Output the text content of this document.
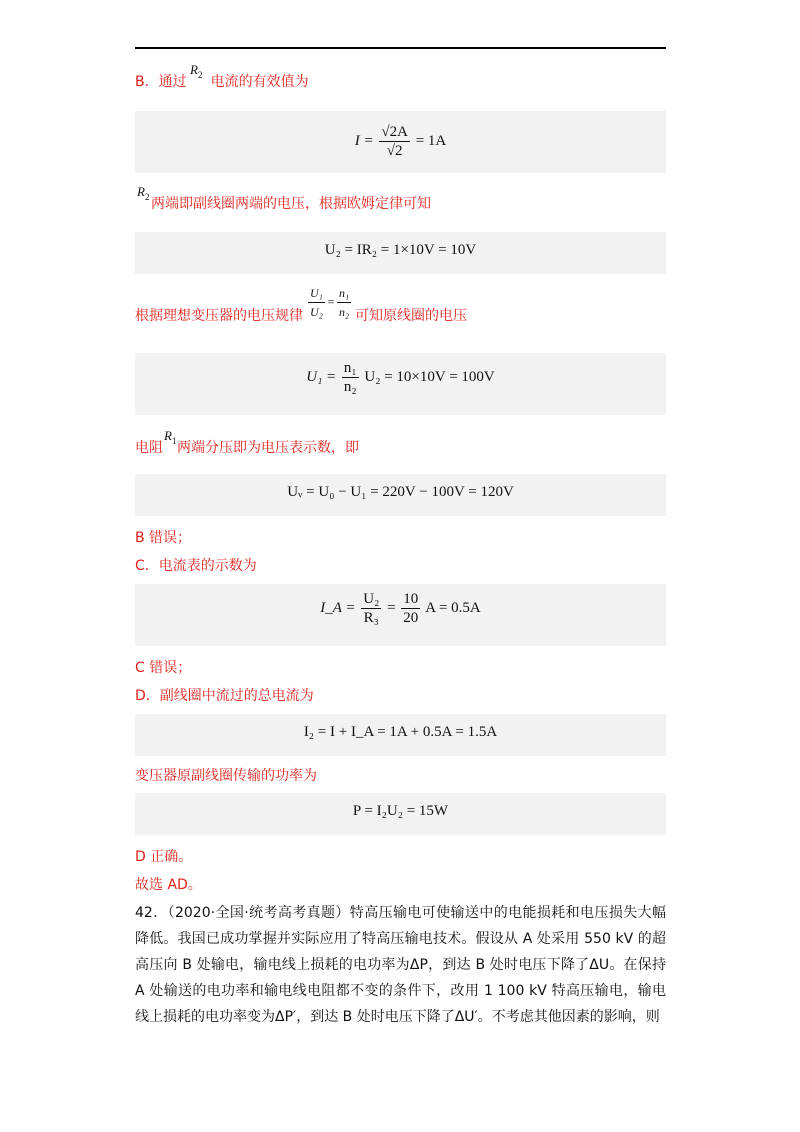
B．通过 电流的有效值为
$R_2$
$I = \frac{√2A}{√2} = 1A$
$R_2$ 两端即副线圈两端的电压，根据欧姆定律可知
U₂ = IR₂ = 1×10V = 10V
根据理想变压器的电压规律	可知原线圈的电压
$\frac{\text{U₁}}{\text{U₂}} = \frac{\text{n₁}}{\text{n₂}}$
$U_1 = \frac{\text{n₁}}{\text{n₂}} U_2 = 10\times 10V = 100V$
电阻 两端分压即为电压表示数，即
$R_1$
Uᵥ = U₀ − U₁ = 220V − 100V = 120V
B 错误；
C．电流表的示数为
I_A = $\frac{\text{U₂}}{\text{R₃}} = \frac{10}{20}$ A = 0.5A
C 错误；
D．副线圈中流过的总电流为
I₂ = I + I_A = 1A + 0.5A = 1.5A
变压器原副线圈传输的功率为
P = I₂U₂ = 15W
D 正确。
故选 AD。
42．（2020·全国·统考高考真题）特高压输电可使输送中的电能损耗和电压损失大幅降低。我国已成功掌握并实际应用了特高压输电技术。假设从 A 处采用 550 kV 的超高压向 B 处输电，输电线上损耗的电功率为ΔP，到达 B 处时电压下降了ΔU。在保持 A 处输送的电功率和输电线电阻都不变的条件下，改用 1 100 kV 特高压输电，输电线上损耗的电功率变为ΔP′，到达 B 处时电压下降了ΔU′。不考虑其他因素的影响，则
